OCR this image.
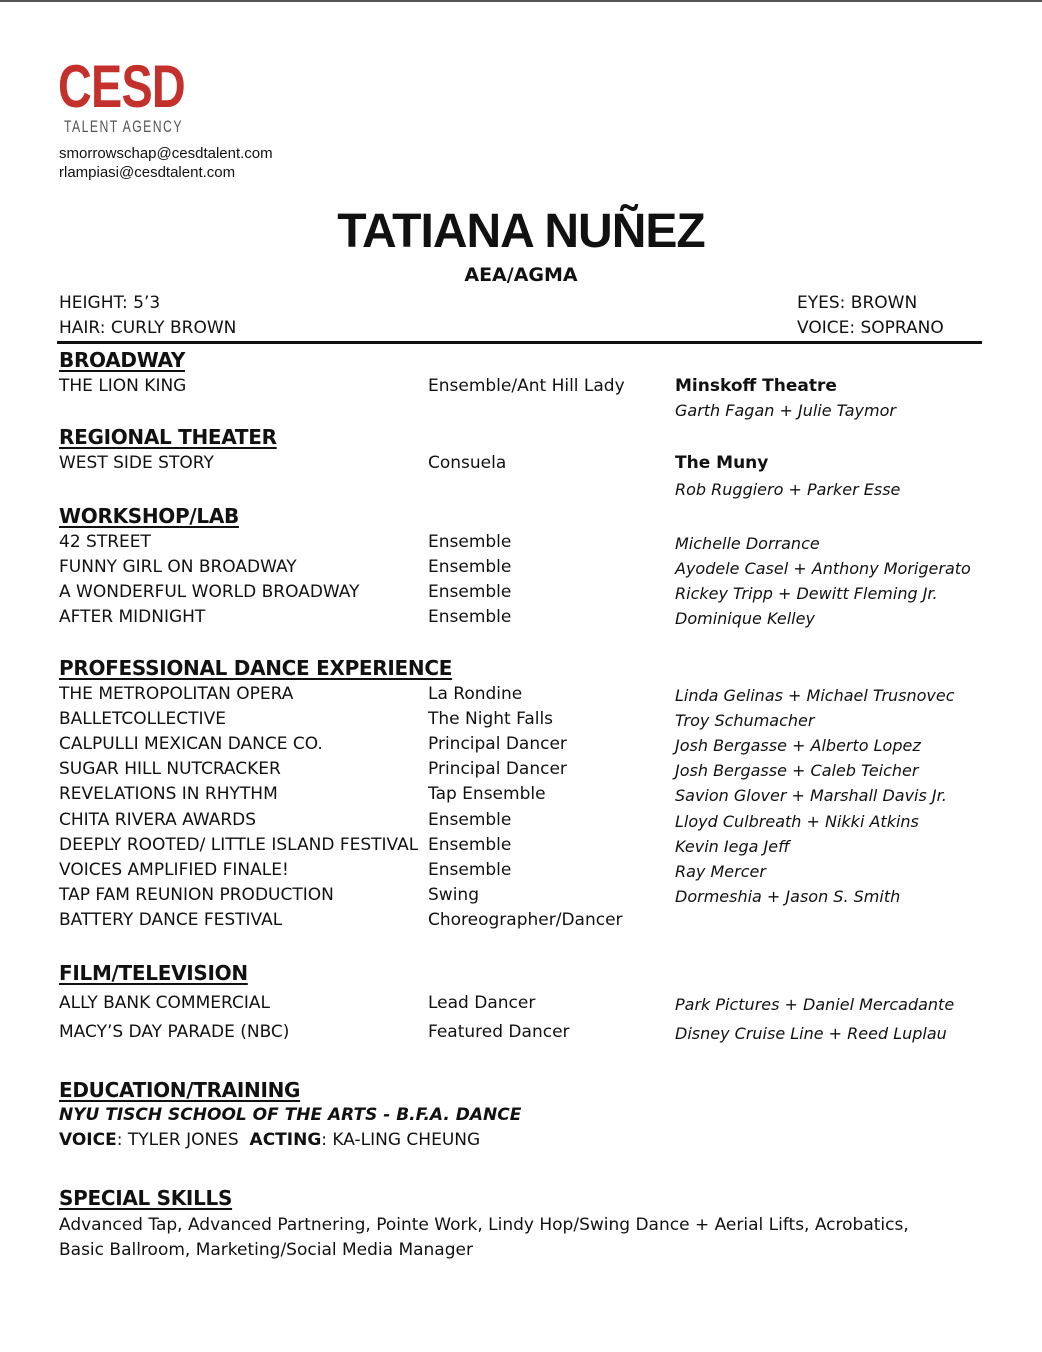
CESD
TALENT AGENCY
smorrowschap@cesdtalent.com
rlampiasi@cesdtalent.com
TATIANA NUÑEZ
AEA/AGMA
HEIGHT: 5’3
HAIR: CURLY BROWN
EYES: BROWN
VOICE: SOPRANO
BROADWAY
THE LION KING	Ensemble/Ant Hill Lady	Minskoff Theatre
Garth Fagan + Julie Taymor
REGIONAL THEATER
WEST SIDE STORY	Consuela	The Muny
Rob Ruggiero + Parker Esse
WORKSHOP/LAB
42 STREET	Ensemble	Michelle Dorrance
FUNNY GIRL ON BROADWAY	Ensemble	Ayodele Casel + Anthony Morigerato
A WONDERFUL WORLD BROADWAY	Ensemble	Rickey Tripp + Dewitt Fleming Jr.
AFTER MIDNIGHT	Ensemble	Dominique Kelley
PROFESSIONAL DANCE EXPERIENCE
THE METROPOLITAN OPERA	La Rondine	Linda Gelinas + Michael Trusnovec
BALLETCOLLECTIVE	The Night Falls	Troy Schumacher
CALPULLI MEXICAN DANCE CO.	Principal Dancer	Josh Bergasse + Alberto Lopez
SUGAR HILL NUTCRACKER	Principal Dancer	Josh Bergasse + Caleb Teicher
REVELATIONS IN RHYTHM	Tap Ensemble	Savion Glover + Marshall Davis Jr.
CHITA RIVERA AWARDS	Ensemble	Lloyd Culbreath + Nikki Atkins
DEEPLY ROOTED/ LITTLE ISLAND FESTIVAL Ensemble	Kevin Iega Jeff
VOICES AMPLIFIED FINALE!	Ensemble	Ray Mercer
TAP FAM REUNION PRODUCTION	Swing	Dormeshia + Jason S. Smith
BATTERY DANCE FESTIVAL	Choreographer/Dancer
FILM/TELEVISION
ALLY BANK COMMERCIAL	Lead Dancer	Park Pictures + Daniel Mercadante
MACY’S DAY PARADE (NBC)	Featured Dancer	Disney Cruise Line + Reed Luplau
EDUCATION/TRAINING
NYU TISCH SCHOOL OF THE ARTS - B.F.A. DANCE
VOICE: TYLER JONES ACTING: KA-LING CHEUNG
SPECIAL SKILLS
Advanced Tap, Advanced Partnering, Pointe Work, Lindy Hop/Swing Dance + Aerial Lifts, Acrobatics, Basic Ballroom, Marketing/Social Media Manager
